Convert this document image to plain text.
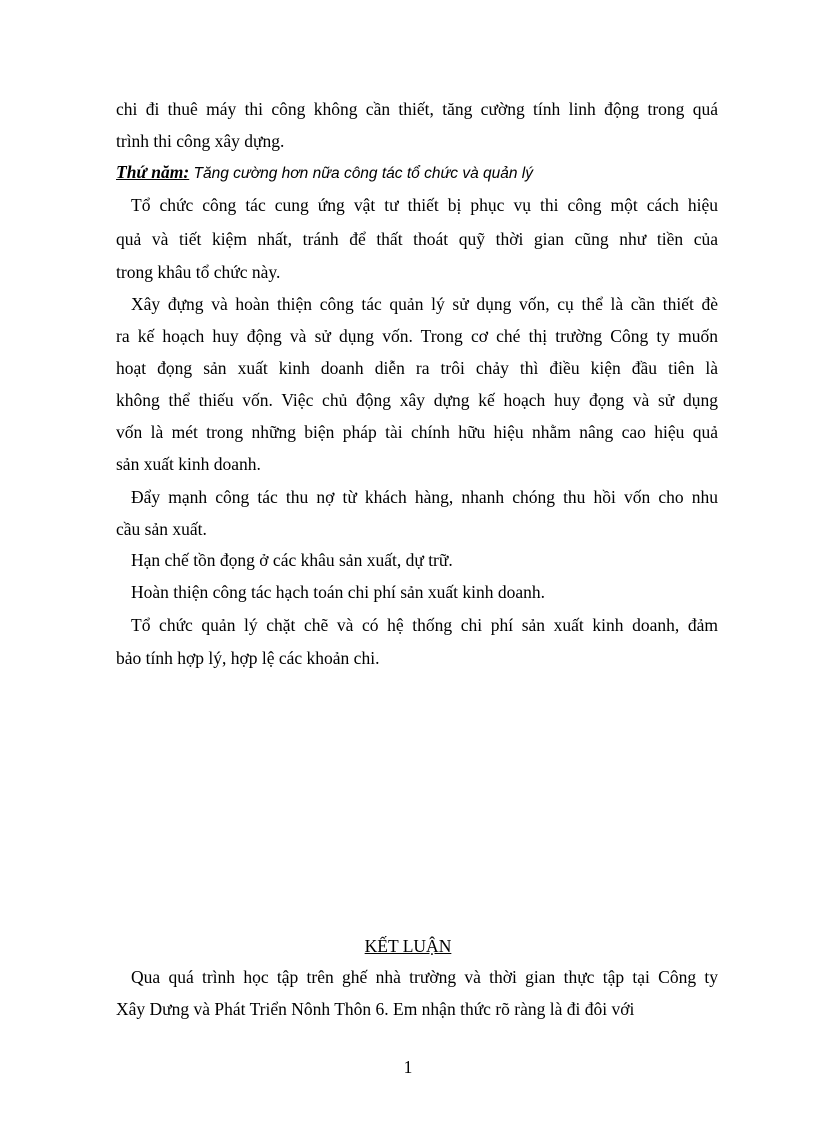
chi đi thuê máy thi công không cần thiết, tăng cường tính linh động trong quá
trình thi công xây dựng.
Thứ năm: Tăng cường hơn nữa công tác tổ chức và quản lý
Tổ chức công tác cung ứng vật tư thiết bị phục vụ thi công một cách hiệu
quả và tiết kiệm nhất, tránh để thất thoát quỹ thời gian cũng như tiền của
trong khâu tổ chức này.
Xây đựng và hoàn thiện công tác quản lý sử dụng vốn, cụ thể là cần thiết đè
ra kế hoạch huy động và sử dụng vốn. Trong cơ ché thị trường Công ty muốn
hoạt đọng sản xuất kinh doanh diễn ra trôi chảy thì điều kiện đầu tiên là
không thể thiếu vốn. Việc chủ động xây dựng kế hoạch huy đọng và sử dụng
vốn là mét trong những biện pháp tài chính hữu hiệu nhằm nâng cao hiệu quả
sản xuất kinh doanh.
Đẩy mạnh công tác thu nợ từ khách hàng, nhanh chóng thu hồi vốn cho nhu
cầu sản xuất.
Hạn chế tồn đọng ở các khâu sản xuất, dự trữ.
Hoàn thiện công tác hạch toán chi phí sản xuất kinh doanh.
Tổ chức quản lý chặt chẽ và có hệ thống chi phí sản xuất kinh doanh, đảm
bảo tính hợp lý, hợp lệ các khoản chi.
KẾT LUẬN
Qua quá trình học tập trên ghế nhà trường và thời gian thực tập tại Công ty
Xây Dưng và Phát Triển Nônh Thôn 6. Em nhận thức rõ ràng là đi đôi với
1
